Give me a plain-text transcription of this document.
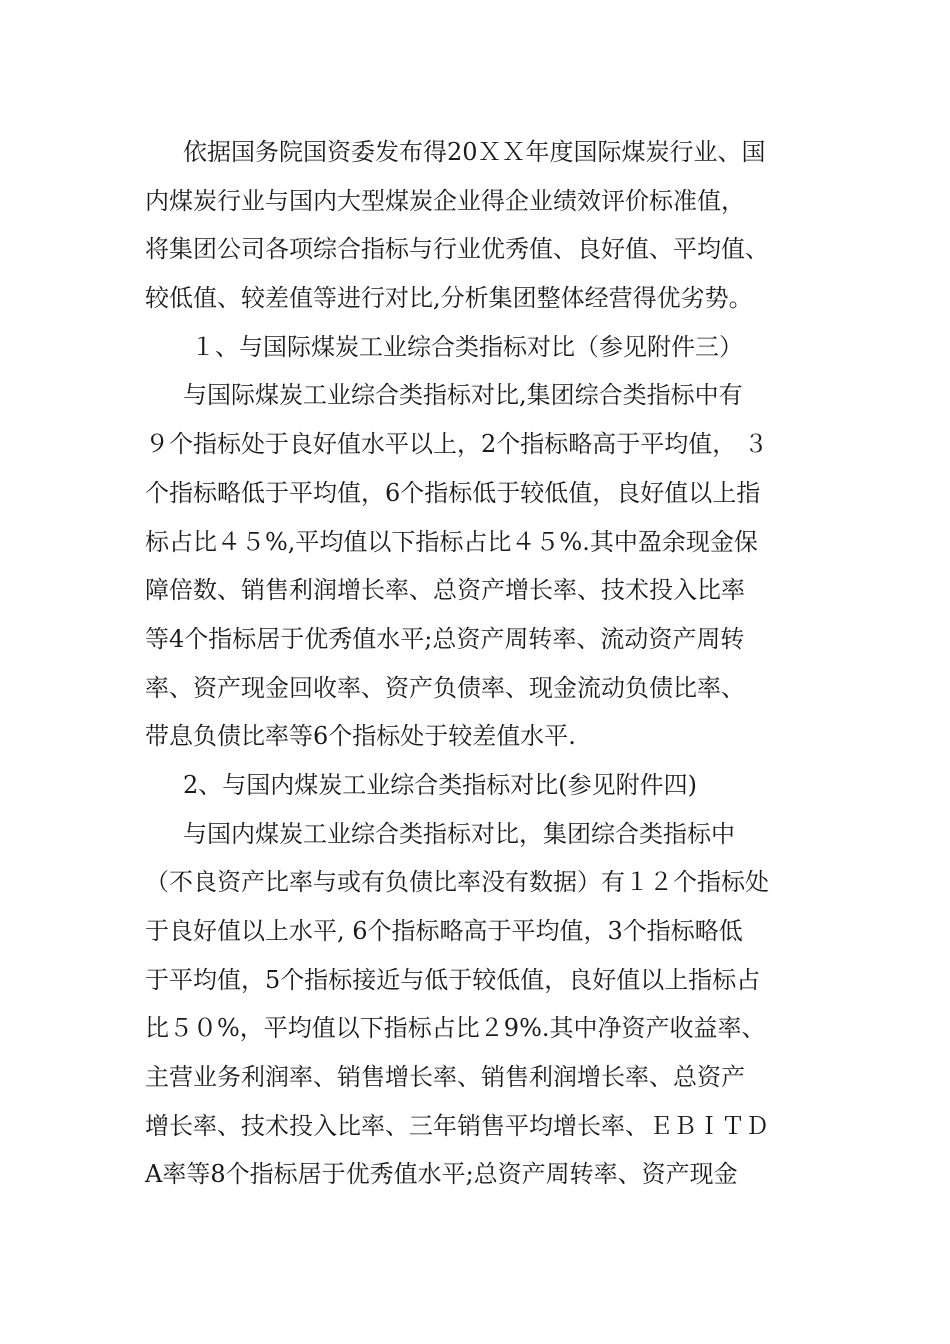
依据国务院国资委发布得20ＸＸ年度国际煤炭行业、国
内煤炭行业与国内大型煤炭企业得企业绩效评价标准值，
将集团公司各项综合指标与行业优秀值、良好值、平均值、
较低值、较差值等进行对比,分析集团整体经营得优劣势。
１、与国际煤炭工业综合类指标对比（参见附件三）
与国际煤炭工业综合类指标对比,集团综合类指标中有
９个指标处于良好值水平以上，2个指标略高于平均值， ３
个指标略低于平均值，6个指标低于较低值，良好值以上指
标占比４５%,平均值以下指标占比４５%.其中盈余现金保
障倍数、销售利润增长率、总资产增长率、技术投入比率
等4个指标居于优秀值水平;总资产周转率、流动资产周转
率、资产现金回收率、资产负债率、现金流动负债比率、
带息负债比率等6个指标处于较差值水平.
2、与国内煤炭工业综合类指标对比(参见附件四)
与国内煤炭工业综合类指标对比，集团综合类指标中
（不良资产比率与或有负债比率没有数据）有１２个指标处
于良好值以上水平, 6个指标略高于平均值，3个指标略低
于平均值，5个指标接近与低于较低值，良好值以上指标占
比５０%，平均值以下指标占比２9%.其中净资产收益率、
主营业务利润率、销售增长率、销售利润增长率、总资产
增长率、技术投入比率、三年销售平均增长率、ＥＢＩＴＤ
A率等8个指标居于优秀值水平;总资产周转率、资产现金
